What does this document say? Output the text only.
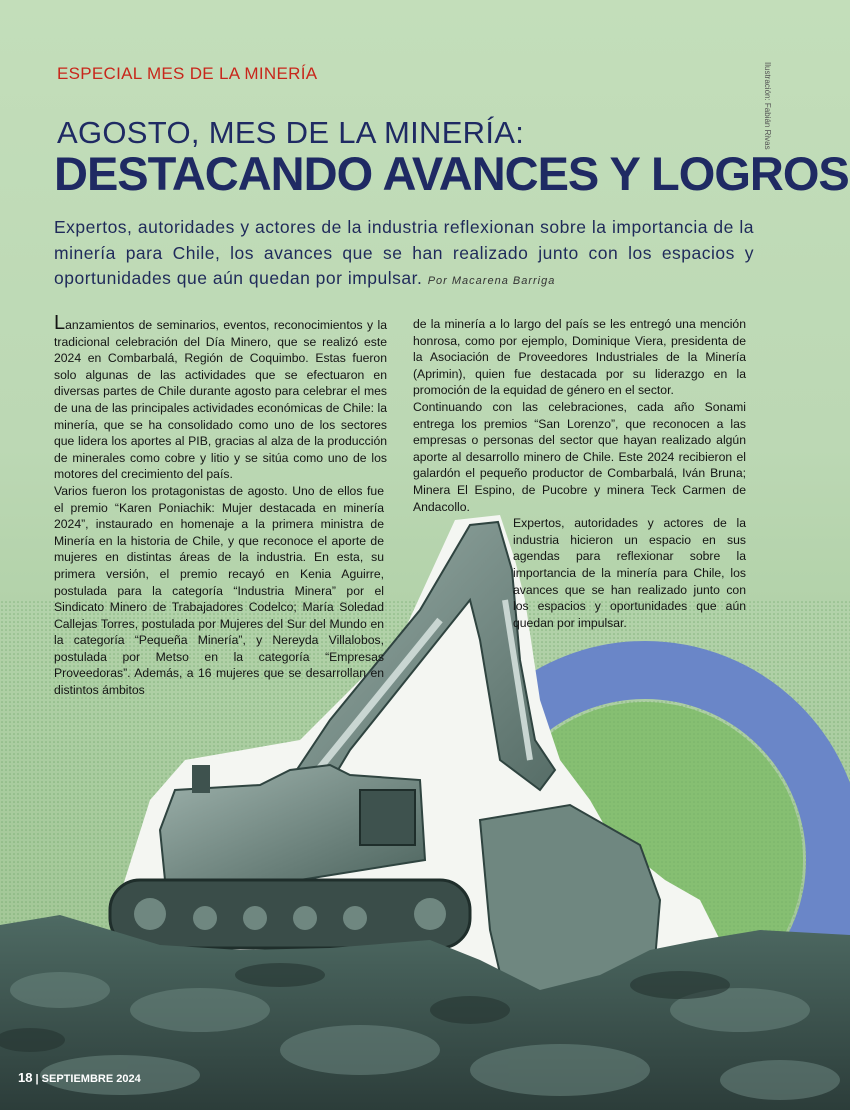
ESPECIAL MES DE LA MINERÍA	Ilustración: Fabián Rivas
AGOSTO, MES DE LA MINERÍA:
DESTACANDO AVANCES Y LOGROS
Expertos, autoridades y actores de la industria reflexionan sobre la importancia de la minería para Chile, los avances que se han realizado junto con los espacios y oportunidades que aún quedan por impulsar. Por Macarena Barriga

Lanzamientos de seminarios, eventos, reconocimientos y la tradicional celebración del Día Minero, que se realizó este 2024 en Combarbalá, Región de Coquimbo. Estas fueron solo algunas de las actividades que se efectuaron en diversas partes de Chile durante agosto para celebrar el mes de una de las principales actividades económicas de Chile: la minería, que se ha consolidado como uno de los sectores que lidera los aportes al PIB, gracias al alza de la producción de minerales como cobre y litio y se sitúa como uno de los motores del crecimiento del país.

Varios fueron los protagonistas de agosto. Uno de ellos fue el premio “Karen Poniachik: Mujer destacada en minería 2024”, instaurado en homenaje a la primera ministra de Minería en la historia de Chile, y que reconoce el aporte de mujeres en distintas áreas de la industria. En esta, su primera versión, el premio recayó en Kenia Aguirre, postulada para la categoría “Industria Minera” por el Sindicato Minero de Trabajadores Codelco; María Soledad Callejas Torres, postulada por Mujeres del Sur del Mundo en la categoría “Pequeña Minería”, y Nereyda Villalobos, postulada por Metso en la categoría “Empresas Proveedoras”. Además, a 16 mujeres que se desarrollan en distintos ámbitos

de la minería a lo largo del país se les entregó una mención honrosa, como por ejemplo, Dominique Viera, presidenta de la Asociación de Proveedores Industriales de la Minería (Aprimin), quien fue destacada por su liderazgo en la promoción de la equidad de género en el sector.

Continuando con las celebraciones, cada año Sonami entrega los premios “San Lorenzo”, que reconocen a las empresas o personas del sector que hayan realizado algún aporte al desarrollo minero de Chile. Este 2024 recibieron el galardón el pequeño productor de Combarbalá, Iván Bruna; Minera El Espino, de Pucobre y minera Teck Carmen de Andacollo.

Expertos, autoridades y actores de la industria hicieron un espacio en sus agendas para reflexionar sobre la importancia de la minería para Chile, los avances que se han realizado junto con los espacios y oportunidades que aún quedan por impulsar.

18 | SEPTIEMBRE 2024
